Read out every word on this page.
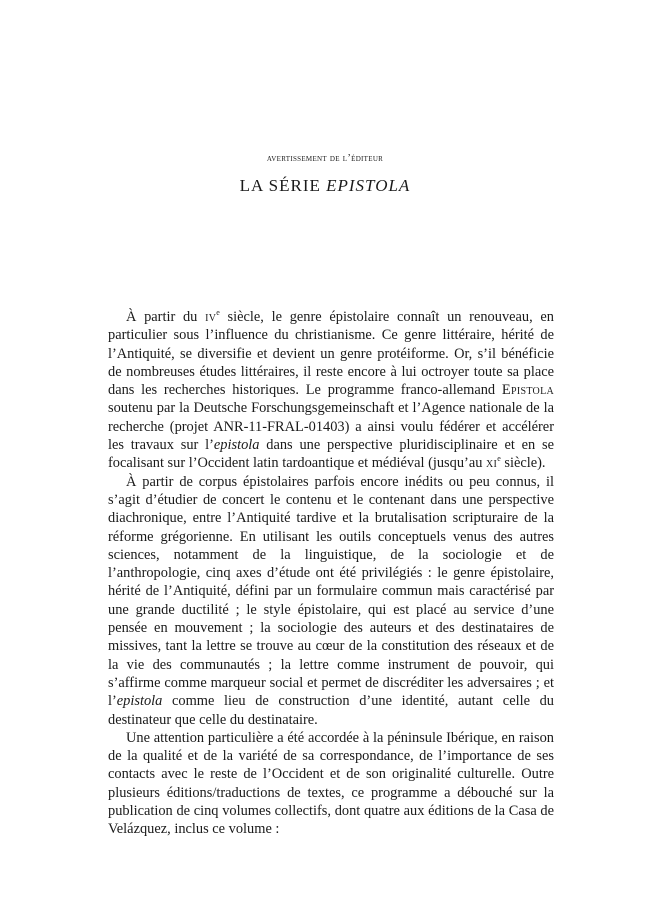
avertissement de l’éditeur
LA SÉRIE EPISTOLA

À partir du $iv^e$ siècle, le genre épistolaire connaît un renouveau, en particulier sous l’influence du christianisme. Ce genre littéraire, hérité de l’Antiquité, se diversifie et devient un genre protéiforme. Or, s’il bénéficie de nombreuses études littéraires, il reste encore à lui octroyer toute sa place dans les recherches historiques. Le programme franco-allemand Epistola soutenu par la Deutsche Forschungsgemeinschaft et l’Agence nationale de la recherche (projet ANR-11-FRAL-01403) a ainsi voulu fédérer et accélérer les travaux sur l’epistola dans une perspective pluridisciplinaire et en se focalisant sur l’Occident latin tardoantique et médiéval (jusqu’au $xi^e$ siècle).

À partir de corpus épistolaires parfois encore inédits ou peu connus, il s’agit d’étudier de concert le contenu et le contenant dans une perspective diachronique, entre l’Antiquité tardive et la brutalisation scripturaire de la réforme grégorienne. En utilisant les outils conceptuels venus des autres sciences, notamment de la linguistique, de la sociologie et de l’anthropologie, cinq axes d’étude ont été privilégiés : le genre épistolaire, hérité de l’Antiquité, défini par un formulaire commun mais caractérisé par une grande ductilité ; le style épistolaire, qui est placé au service d’une pensée en mouvement ; la sociologie des auteurs et des destinataires de missives, tant la lettre se trouve au cœur de la constitution des réseaux et de la vie des communautés ; la lettre comme instrument de pouvoir, qui s’affirme comme marqueur social et permet de discréditer les adversaires ; et l’epistola comme lieu de construction d’une identité, autant celle du destinateur que celle du destinataire.

Une attention particulière a été accordée à la péninsule Ibérique, en raison de la qualité et de la variété de sa correspondance, de l’importance de ses contacts avec le reste de l’Occident et de son originalité culturelle. Outre plusieurs éditions/traductions de textes, ce programme a débouché sur la publication de cinq volumes collectifs, dont quatre aux éditions de la Casa de Velázquez, inclus ce volume :
